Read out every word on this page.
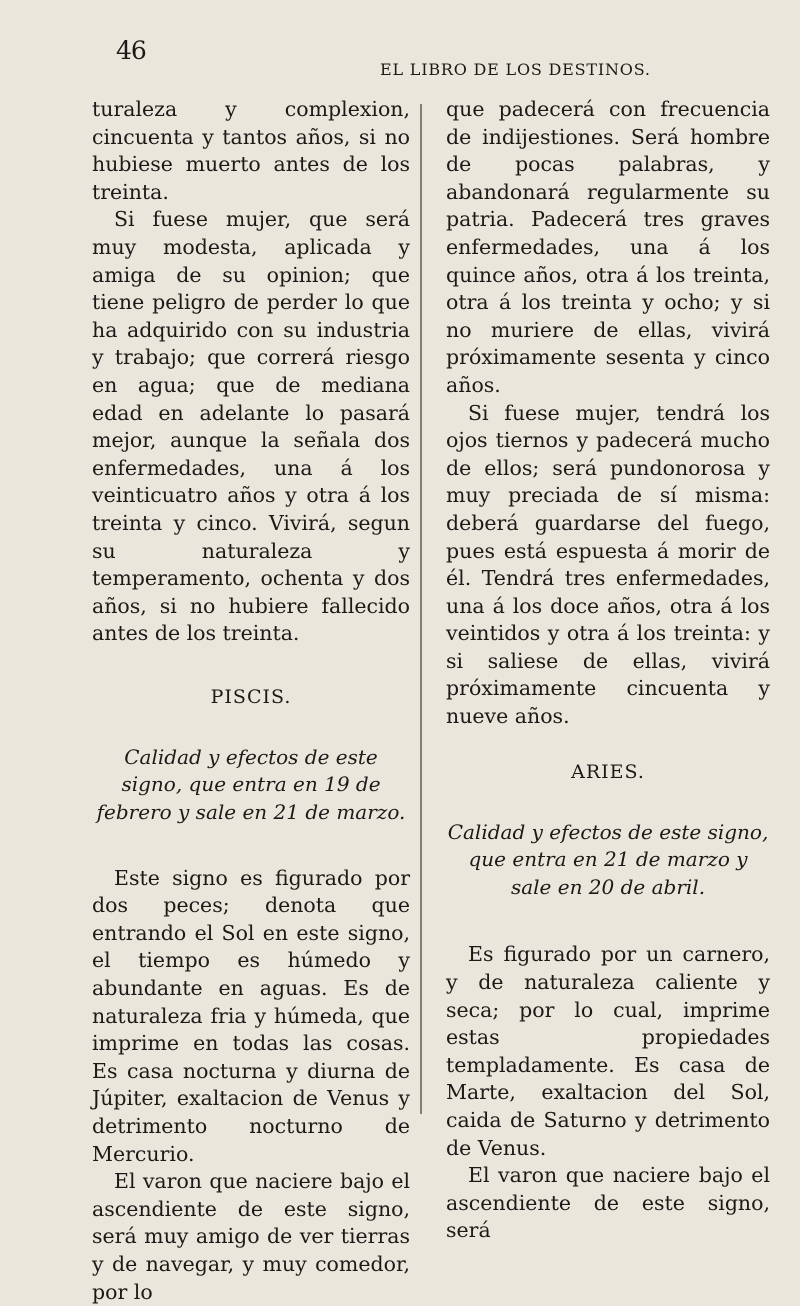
46
EL LIBRO DE LOS DESTINOS.

turaleza y complexion, cincuenta y tantos años, si no hubiese muerto antes de los treinta.

Si fuese mujer, que será muy modesta, aplicada y amiga de su opinion; que tiene peligro de perder lo que ha adquirido con su industria y trabajo; que correrá riesgo en agua; que de mediana edad en adelante lo pasará mejor, aunque la señala dos enfermedades, una á los veinticuatro años y otra á los treinta y cinco. Vivirá, segun su naturaleza y temperamento, ochenta y dos años, si no hubiere fallecido antes de los treinta.

PISCIS.
Calidad y efectos de este signo, que entra en 19 de febrero y sale en 21 de marzo.

Este signo es figurado por dos peces; denota que entrando el Sol en este signo, el tiempo es húmedo y abundante en aguas. Es de naturaleza fria y húmeda, que imprime en todas las cosas. Es casa nocturna y diurna de Júpiter, exaltacion de Venus y detrimento nocturno de Mercurio.

El varon que naciere bajo el ascendiente de este signo, será muy amigo de ver tierras y de navegar, y muy comedor, por lo

que padecerá con frecuencia de indijestiones. Será hombre de pocas palabras, y abandonará regularmente su patria. Padecerá tres graves enfermedades, una á los quince años, otra á los treinta, otra á los treinta y ocho; y si no muriere de ellas, vivirá próximamente sesenta y cinco años.

Si fuese mujer, tendrá los ojos tiernos y padecerá mucho de ellos; será pundonorosa y muy preciada de sí misma: deberá guardarse del fuego, pues está espuesta á morir de él. Tendrá tres enfermedades, una á los doce años, otra á los veintidos y otra á los treinta: y si saliese de ellas, vivirá próximamente cincuenta y nueve años.

ARIES.
Calidad y efectos de este signo, que entra en 21 de marzo y sale en 20 de abril.

Es figurado por un carnero, y de naturaleza caliente y seca; por lo cual, imprime estas propiedades templadamente. Es casa de Marte, exaltacion del Sol, caida de Saturno y detrimento de Venus.

El varon que naciere bajo el ascendiente de este signo, será
